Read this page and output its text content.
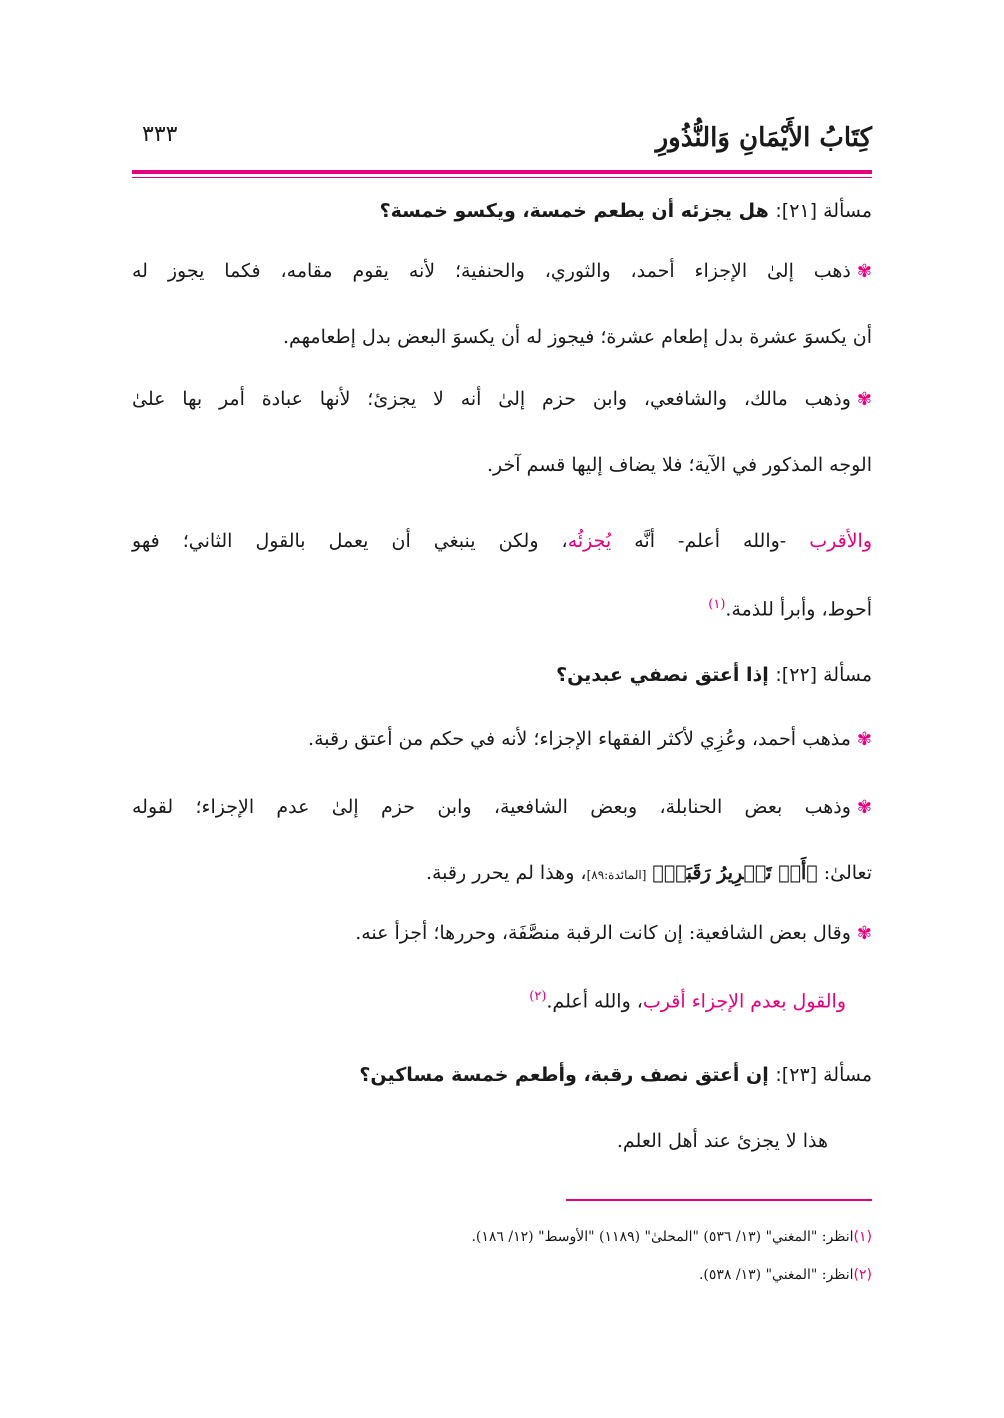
كِتَابُ الأَيْمَانِ وَالنُّذُورِ
٣٣٣
مسألة [٢١]: هل يجزئه أن يطعم خمسة، ويكسو خمسة؟
✾ذهب إلىٰ الإجزاء أحمد، والثوري، والحنفية؛ لأنه يقوم مقامه، فكما يجوز له
أن يكسوَ عشرة بدل إطعام عشرة؛ فيجوز له أن يكسوَ البعض بدل إطعامهم.
✾وذهب مالك، والشافعي، وابن حزم إلىٰ أنه لا يجزئ؛ لأنها عبادة أمر بها علىٰ
الوجه المذكور في الآية؛ فلا يضاف إليها قسم آخر.
والأقرب -والله أعلم- أنَّه يُجزئُه، ولكن ينبغي أن يعمل بالقول الثاني؛ فهو
أحوط، وأبرأ للذمة.$^{(١)}$
مسألة [٢٢]: إذا أعتق نصفي عبدين؟
✾مذهب أحمد، وعُزِي لأكثر الفقهاء الإجزاء؛ لأنه في حكم من أعتق رقبة.
✾وذهب بعض الحنابلة، وبعض الشافعية، وابن حزم إلىٰ عدم الإجزاء؛ لقوله
تعالىٰ: ﴿أَوۡ تَحۡرِيرُ رَقَبَةٖ﴾ [المائدة:٨٩]، وهذا لم يحرر رقبة.
✾وقال بعض الشافعية: إن كانت الرقبة منصَّفَة، وحررها؛ أجزأ عنه.
والقول بعدم الإجزاء أقرب، والله أعلم.$^{(٢)}$
مسألة [٢٣]: إن أعتق نصف رقبة، وأطعم خمسة مساكين؟
هذا لا يجزئ عند أهل العلم.
(١)انظر: "المغني" (١٣/ ٥٣٦) "المحلىٰ" (١١٨٩) "الأوسط" (١٢/ ١٨٦).
(٢)انظر: "المغني" (١٣/ ٥٣٨).
